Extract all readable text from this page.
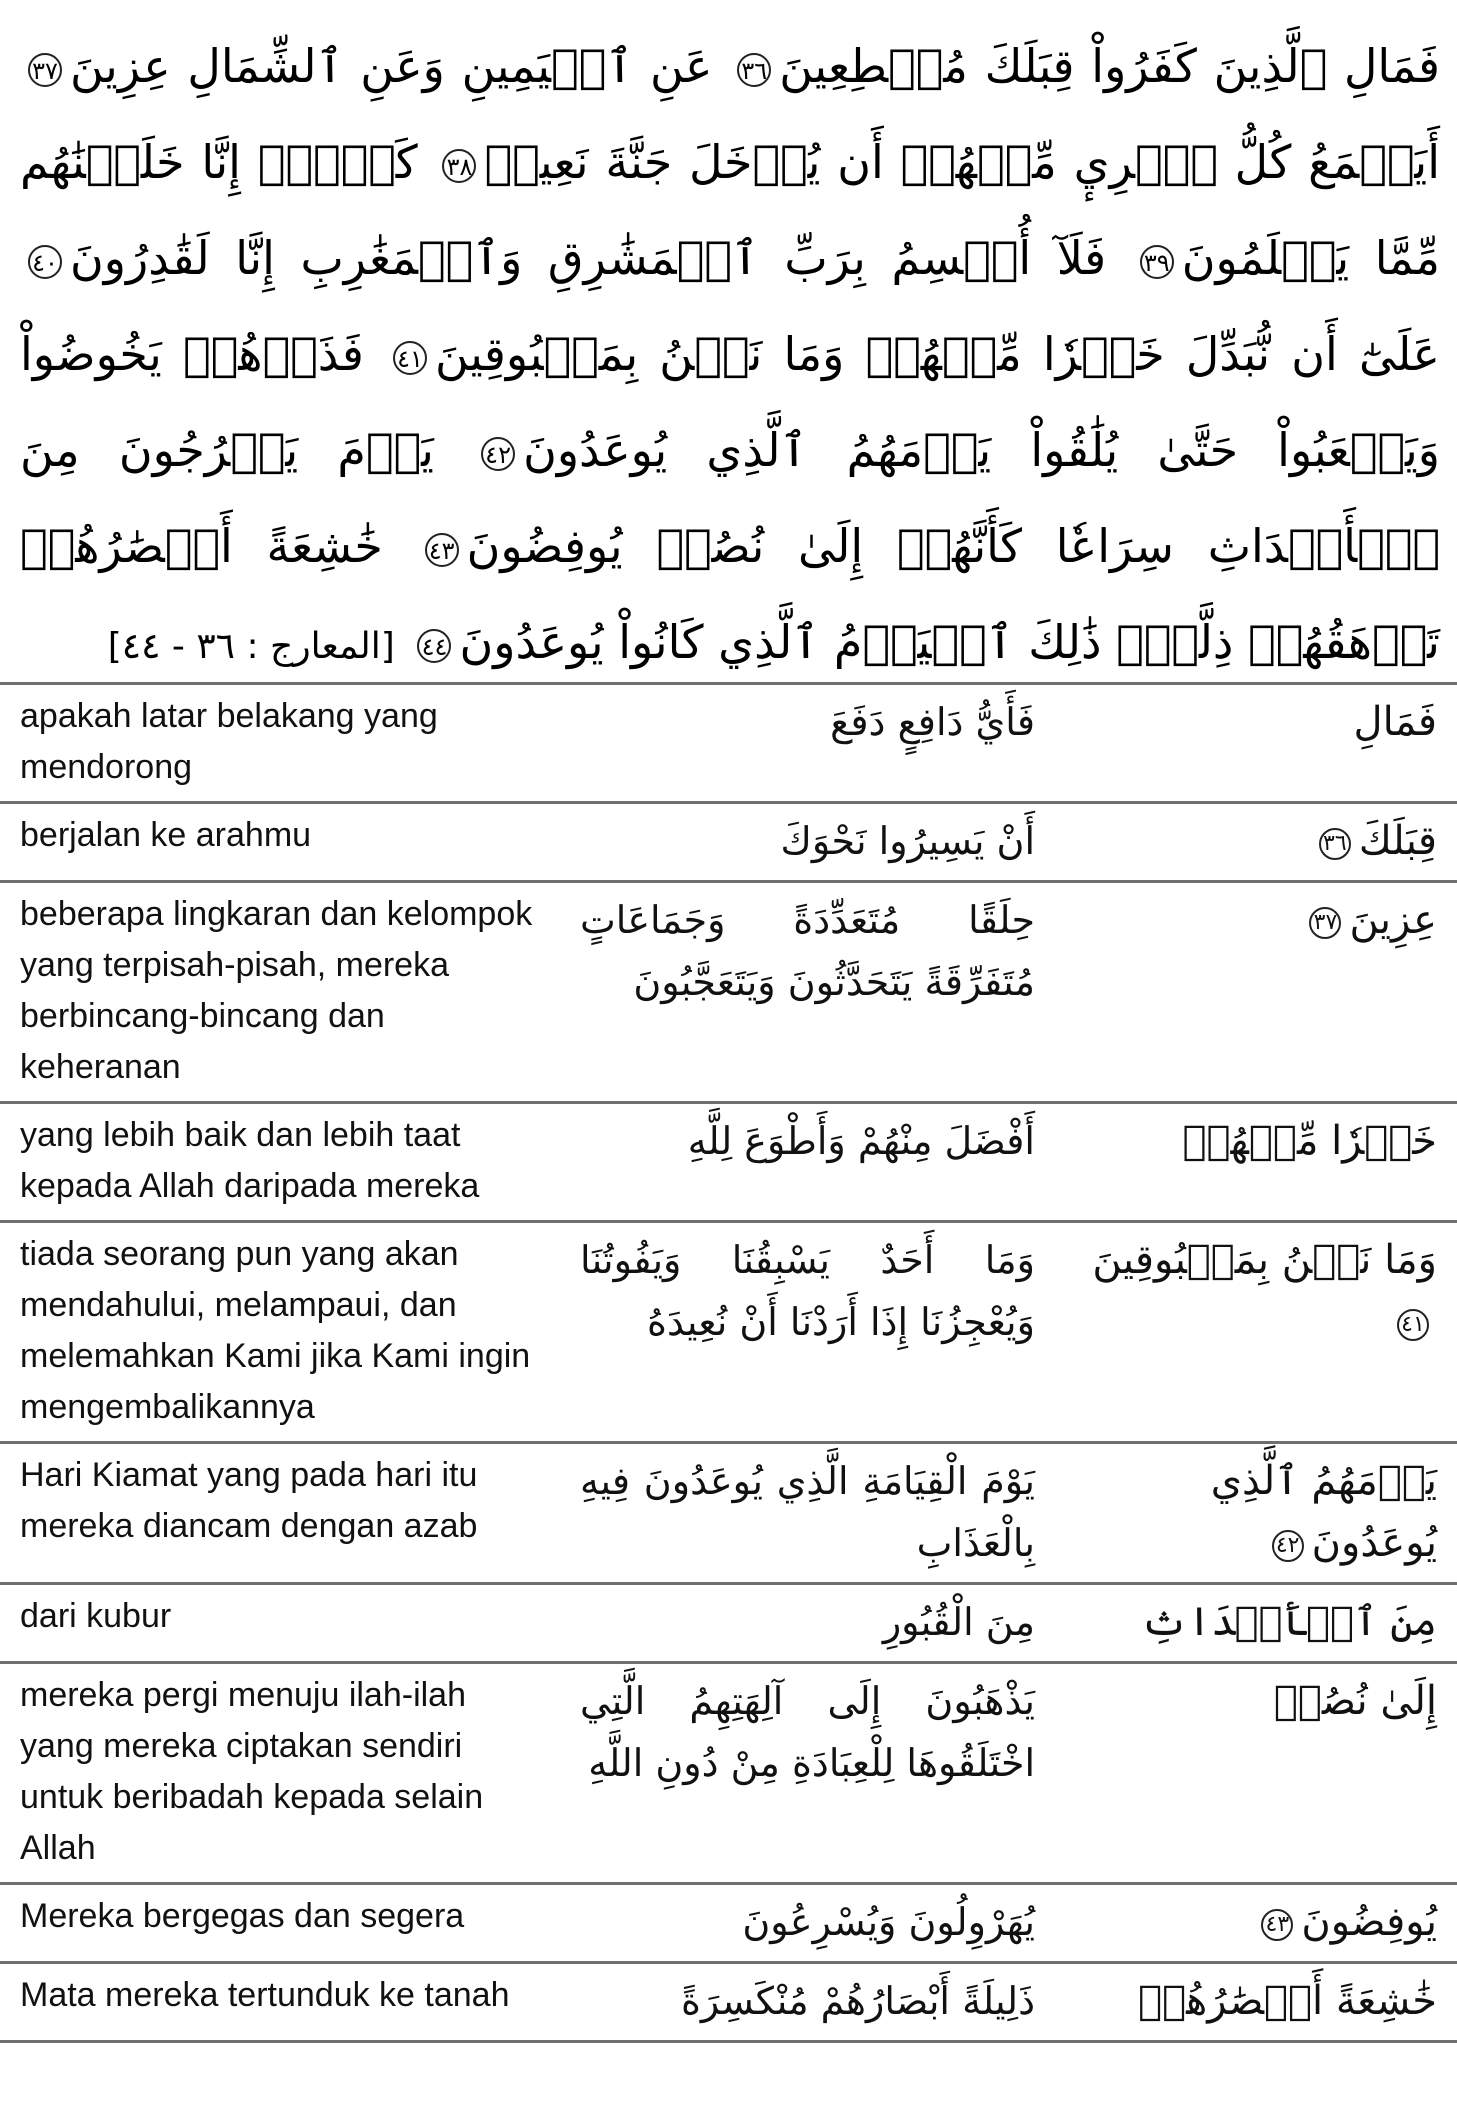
فَمَالِ ٱلَّذِينَ كَفَرُواْ قِبَلَكَ مُهۡطِعِينَ٣٦ عَنِ ٱلۡيَمِينِ وَعَنِ ٱلشِّمَالِ عِزِينَ٣٧ أَيَطۡمَعُ كُلُّ ٱمۡرِيٕ مِّنۡهُمۡ أَن يُدۡخَلَ جَنَّةَ نَعِيمٖ٣٨ كَلَّآۖ إِنَّا خَلَقۡنَٰهُم مِّمَّا يَعۡلَمُونَ٣٩ فَلَآ أُقۡسِمُ بِرَبِّ ٱلۡمَشَٰرِقِ وَٱلۡمَغَٰرِبِ إِنَّا لَقَٰدِرُونَ٤٠ عَلَىٰٓ أَن نُّبَدِّلَ خَيۡرٗا مِّنۡهُمۡ وَمَا نَحۡنُ بِمَسۡبُوقِينَ٤١ فَذَرۡهُمۡ يَخُوضُواْ وَيَلۡعَبُواْ حَتَّىٰ يُلَٰقُواْ يَوۡمَهُمُ ٱلَّذِي يُوعَدُونَ٤٢ يَوۡمَ يَخۡرُجُونَ مِنَ ٱلۡأَجۡدَاثِ سِرَاعٗا كَأَنَّهُمۡ إِلَىٰ نُصُبٖ يُوفِضُونَ٤٣ خَٰشِعَةً أَبۡصَٰرُهُمۡ تَرۡهَقُهُمۡ ذِلَّةٞۚ ذَٰلِكَ ٱلۡيَوۡمُ ٱلَّذِي كَانُواْ يُوعَدُونَ٤٤ [المعارج : ٣٦ - ٤٤]
apakah latar belakang yang mendorong	فَأَيُّ دَافِعٍ دَفَعَ	فَمَالِ
berjalan ke arahmu	أَنْ يَسِيرُوا نَحْوَكَ	قِبَلَكَ٣٦
beberapa lingkaran dan kelompok yang terpisah-pisah, mereka berbincang-bincang dan keheranan	حِلَقًا مُتَعَدِّدَةً وَجَمَاعَاتٍ مُتَفَرِّقَةً يَتَحَدَّثُونَ وَيَتَعَجَّبُونَ	عِزِينَ٣٧
yang lebih baik dan lebih taat kepada Allah daripada mereka	أَفْضَلَ مِنْهُمْ وَأَطْوَعَ لِلَّهِ	خَيۡرٗا مِّنۡهُمۡ
tiada seorang pun yang akan mendahului, melampaui, dan melemahkan Kami jika Kami ingin mengembalikannya	وَمَا أَحَدٌ يَسْبِقُنَا وَيَفُوتُنَا وَيُعْجِزُنَا إِذَا أَرَدْنَا أَنْ نُعِيدَهُ	وَمَا نَحۡنُ بِمَسۡبُوقِينَ٤١
Hari Kiamat yang pada hari itu mereka diancam dengan azab	يَوْمَ الْقِيَامَةِ الَّذِي يُوعَدُونَ فِيهِ بِالْعَذَابِ	يَوۡمَهُمُ ٱلَّذِي يُوعَدُونَ٤٢
dari kubur	مِنَ الْقُبُورِ	مِنَ ٱلۡأَجۡدَاثِ
mereka pergi menuju ilah-ilah yang mereka ciptakan sendiri untuk beribadah kepada selain Allah	يَذْهَبُونَ إِلَى آلِهَتِهِمُ الَّتِي اخْتَلَقُوهَا لِلْعِبَادَةِ مِنْ دُونِ اللَّهِ	إِلَىٰ نُصُبٖ
Mereka bergegas dan segera	يُهَرْوِلُونَ وَيُسْرِعُونَ	يُوفِضُونَ٤٣
Mata mereka tertunduk ke tanah	ذَلِيلَةً أَبْصَارُهُمْ مُنْكَسِرَةً	خَٰشِعَةً أَبۡصَٰرُهُمۡ
